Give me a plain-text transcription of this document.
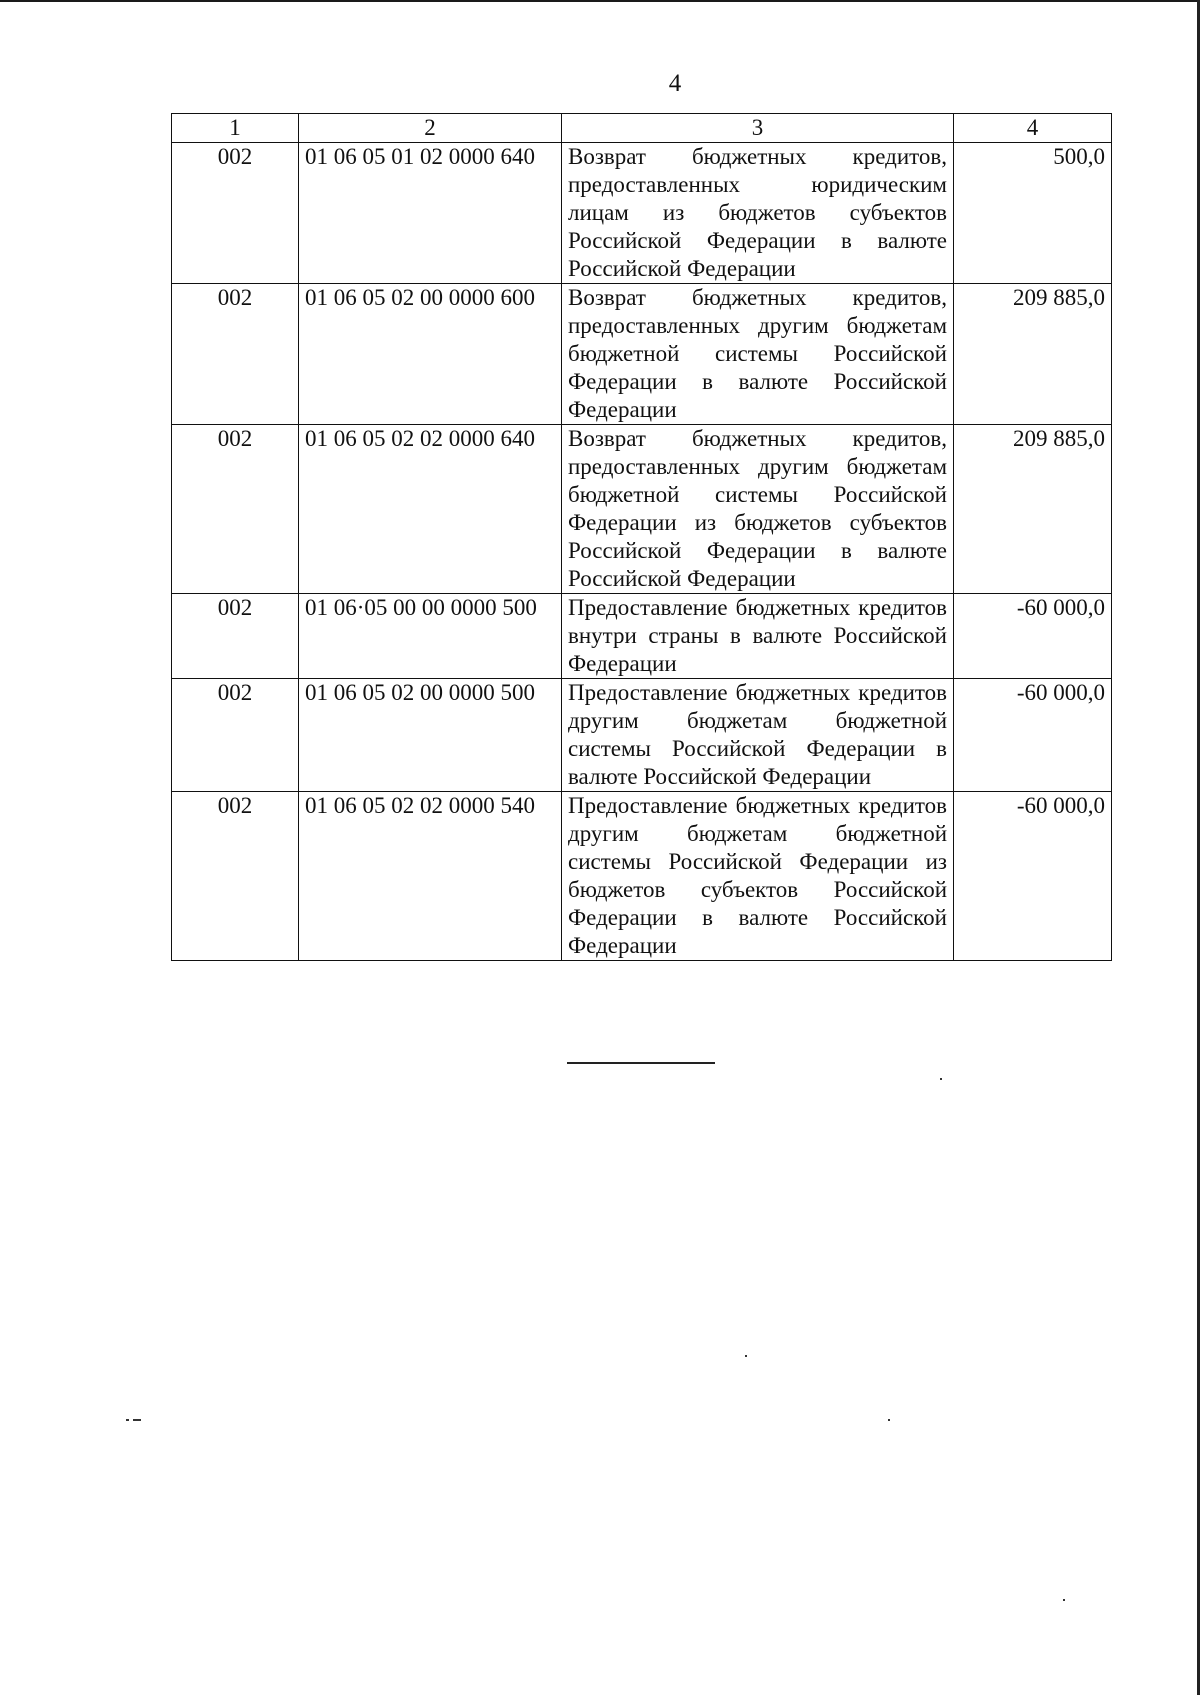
4
1	2	3	4
002	01 06 05 01 02 0000 640	Возврат бюджетных кредитов, предоставленных юридическим лицам из бюджетов субъектов Российской Федерации в валюте Российской Федерации	500,0
002	01 06 05 02 00 0000 600	Возврат бюджетных кредитов, предоставленных другим бюджетам бюджетной системы Российской Федерации в валюте Российской Федерации	209 885,0
002	01 06 05 02 02 0000 640	Возврат бюджетных кредитов, предоставленных другим бюджетам бюджетной системы Российской Федерации из бюджетов субъектов Российской Федерации в валюте Российской Федерации	209 885,0
002	01 06·05 00 00 0000 500	Предоставление бюджетных кредитов внутри страны в валюте Российской Федерации	-60 000,0
002	01 06 05 02 00 0000 500	Предоставление бюджетных кредитов другим бюджетам бюджетной системы Российской Федерации в валюте Российской Федерации	-60 000,0
002	01 06 05 02 02 0000 540	Предоставление бюджетных кредитов другим бюджетам бюджетной системы Российской Федерации из бюджетов субъектов Российской Федерации в валюте Российской Федерации	-60 000,0
